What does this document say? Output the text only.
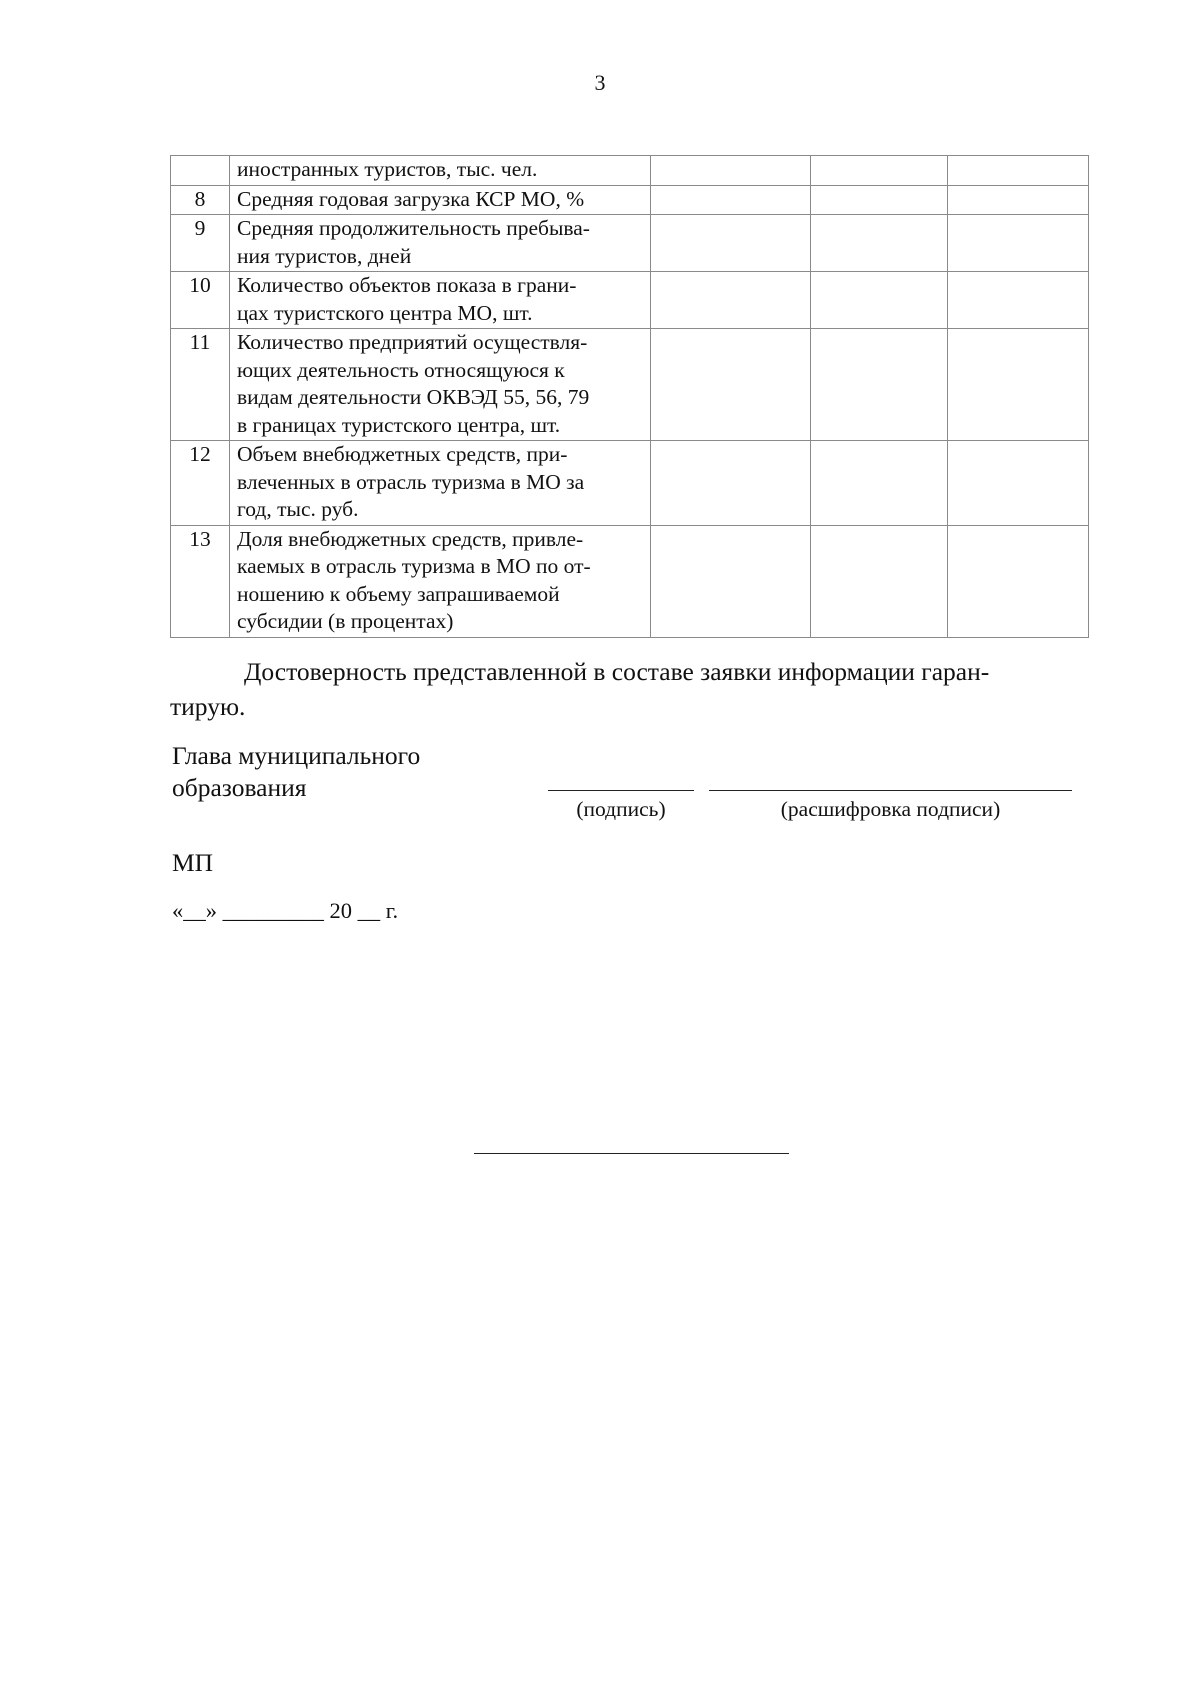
3
	иностранных туристов, тыс. чел.			
8	Средняя годовая загрузка КСР МО, %			
9	Средняя продолжительность пребыва-
ния туристов, дней			
10	Количество объектов показа в грани-
цах туристского центра МО, шт.			
11	Количество предприятий осуществля-
ющих деятельность относящуюся к
видам деятельности ОКВЭД 55, 56, 79
в границах туристского центра, шт.			
12	Объем внебюджетных средств, при-
влеченных в отрасль туризма в МО за
год, тыс. руб.			
13	Доля внебюджетных средств, привле-
каемых в отрасль туризма в МО по от-
ношению к объему запрашиваемой
субсидии (в процентах)			
Достоверность представленной в составе заявки информации гаран-
тирую.
Глава муниципального
образования
(подпись)	(расшифровка подписи)
МП
«__» _________ 20 __ г.
